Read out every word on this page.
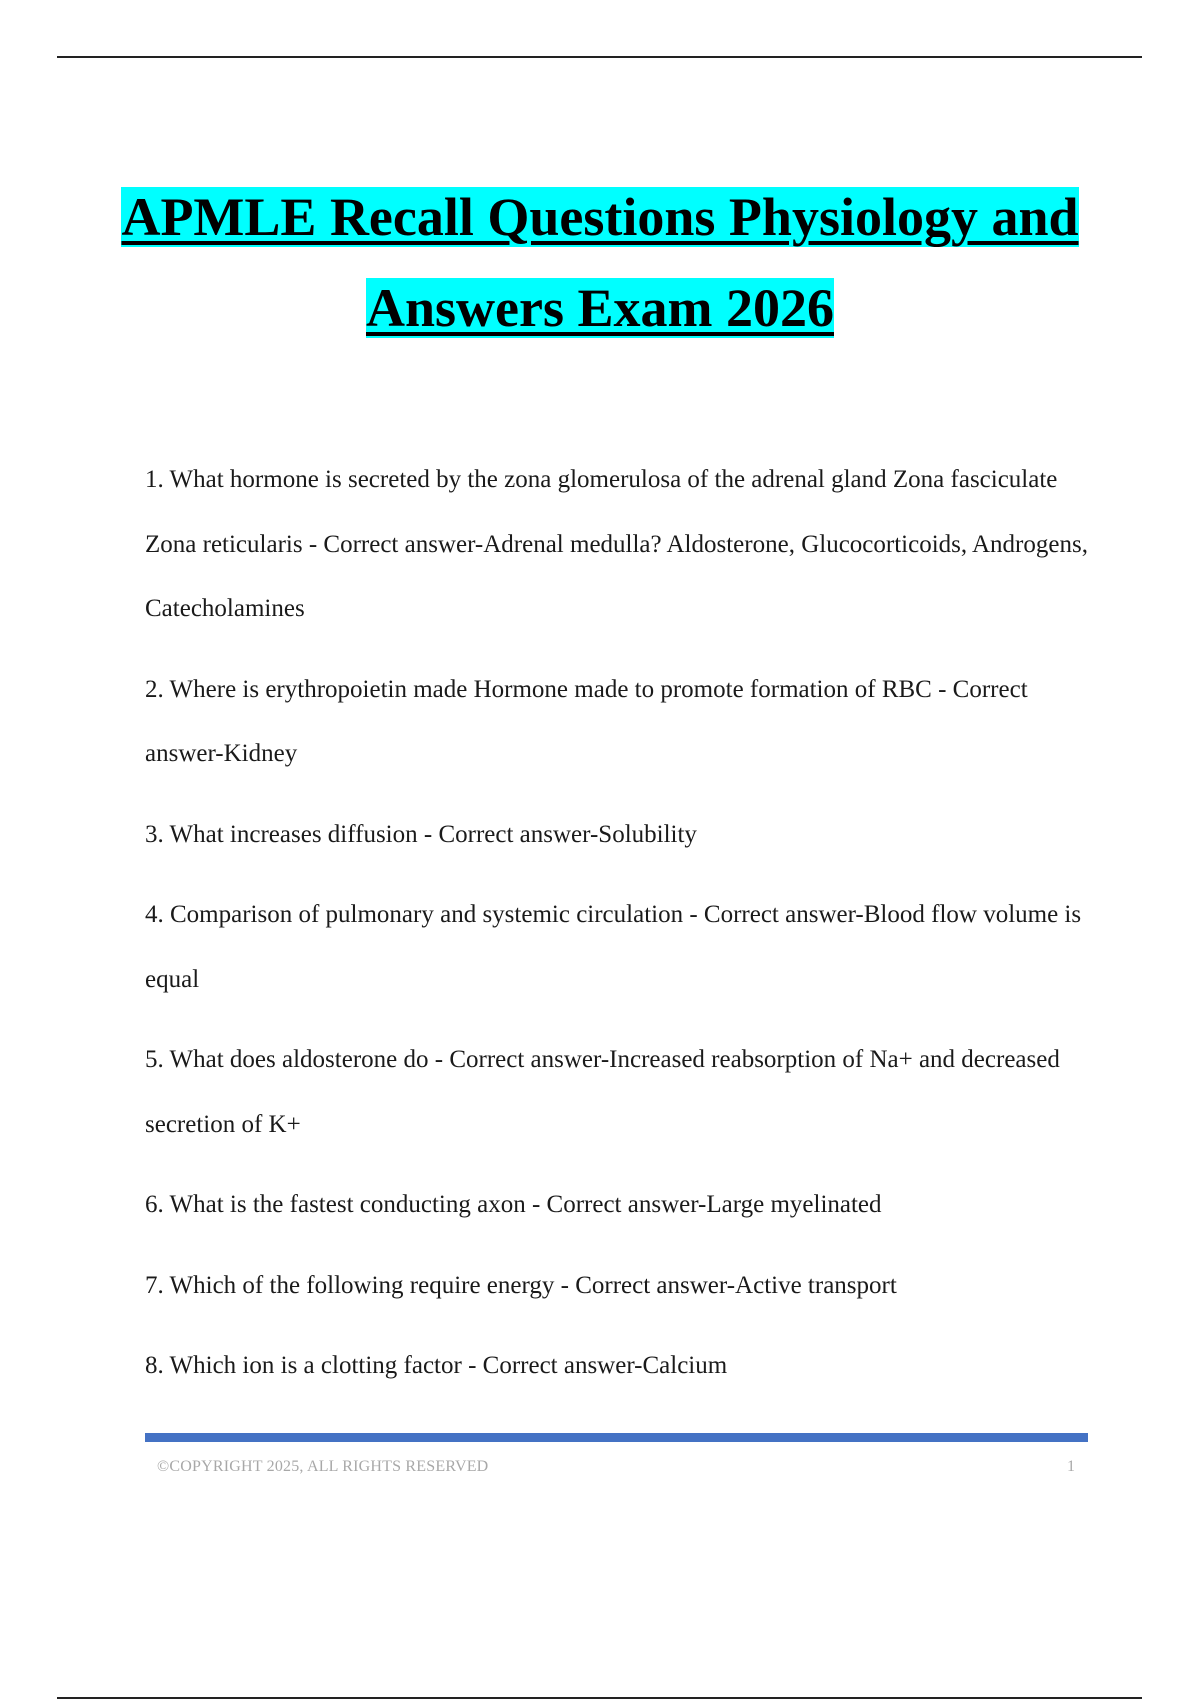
APMLE Recall Questions Physiology and
Answers Exam 2026
1. What hormone is secreted by the zona glomerulosa of the adrenal gland Zona fasciculate Zona reticularis - Correct answer-Adrenal medulla? Aldosterone, Glucocorticoids, Androgens, Catecholamines
2. Where is erythropoietin made Hormone made to promote formation of RBC - Correct answer-Kidney
3. What increases diffusion - Correct answer-Solubility
4. Comparison of pulmonary and systemic circulation - Correct answer-Blood flow volume is equal
5. What does aldosterone do - Correct answer-Increased reabsorption of Na+ and decreased secretion of K+
6. What is the fastest conducting axon - Correct answer-Large myelinated
7. Which of the following require energy - Correct answer-Active transport
8. Which ion is a clotting factor - Correct answer-Calcium
©COPYRIGHT 2025, ALL RIGHTS RESERVED	1
